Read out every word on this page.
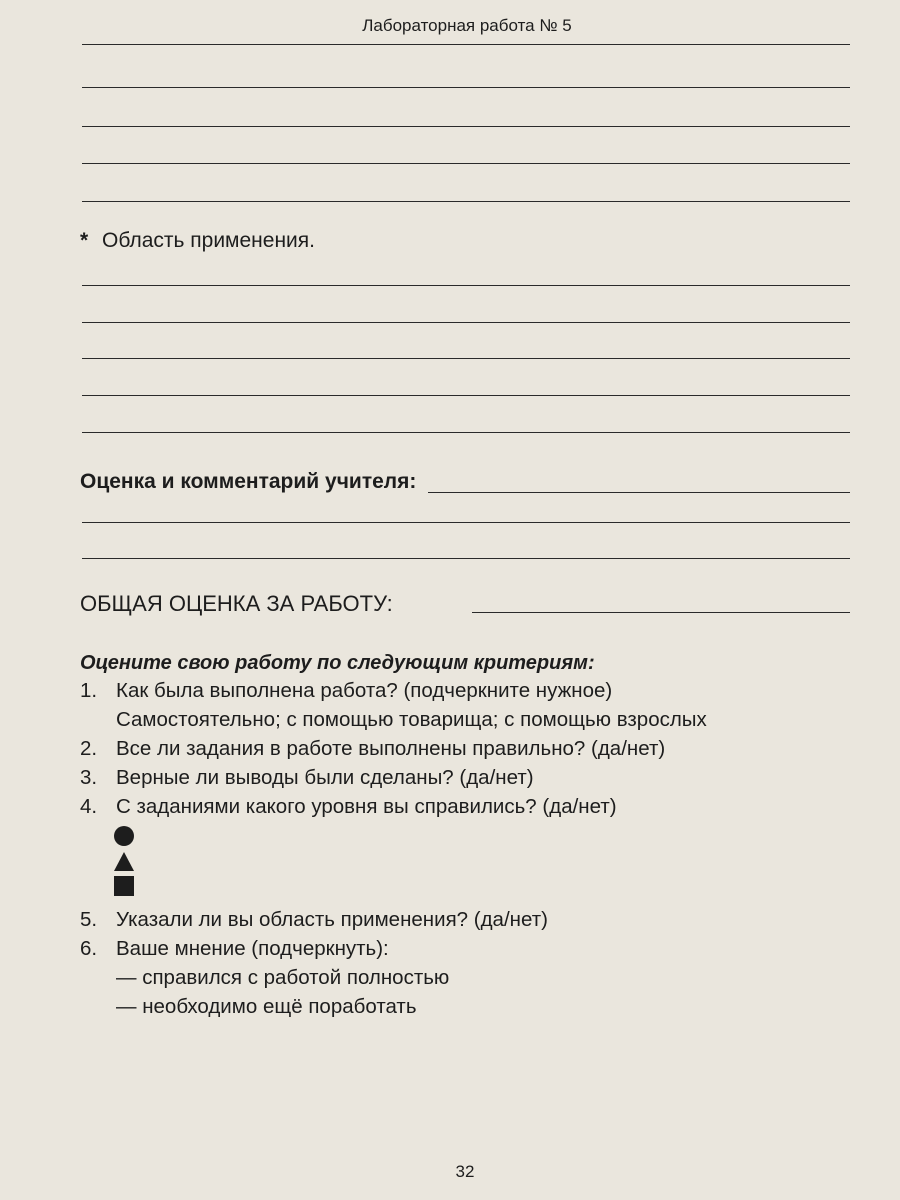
Лабораторная работа № 5
* Область применения.
Оценка и комментарий учителя:
ОБЩАЯ ОЦЕНКА ЗА РАБОТУ:
Оцените свою работу по следующим критериям:
1. Как была выполнена работа? (подчеркните нужное)
Самостоятельно; с помощью товарища; с помощью взрослых
2. Все ли задания в работе выполнены правильно? (да/нет)
3. Верные ли выводы были сделаны? (да/нет)
4. С заданиями какого уровня вы справились? (да/нет)
5. Указали ли вы область применения? (да/нет)
6. Ваше мнение (подчеркнуть):
— справился с работой полностью
— необходимо ещё поработать
32
